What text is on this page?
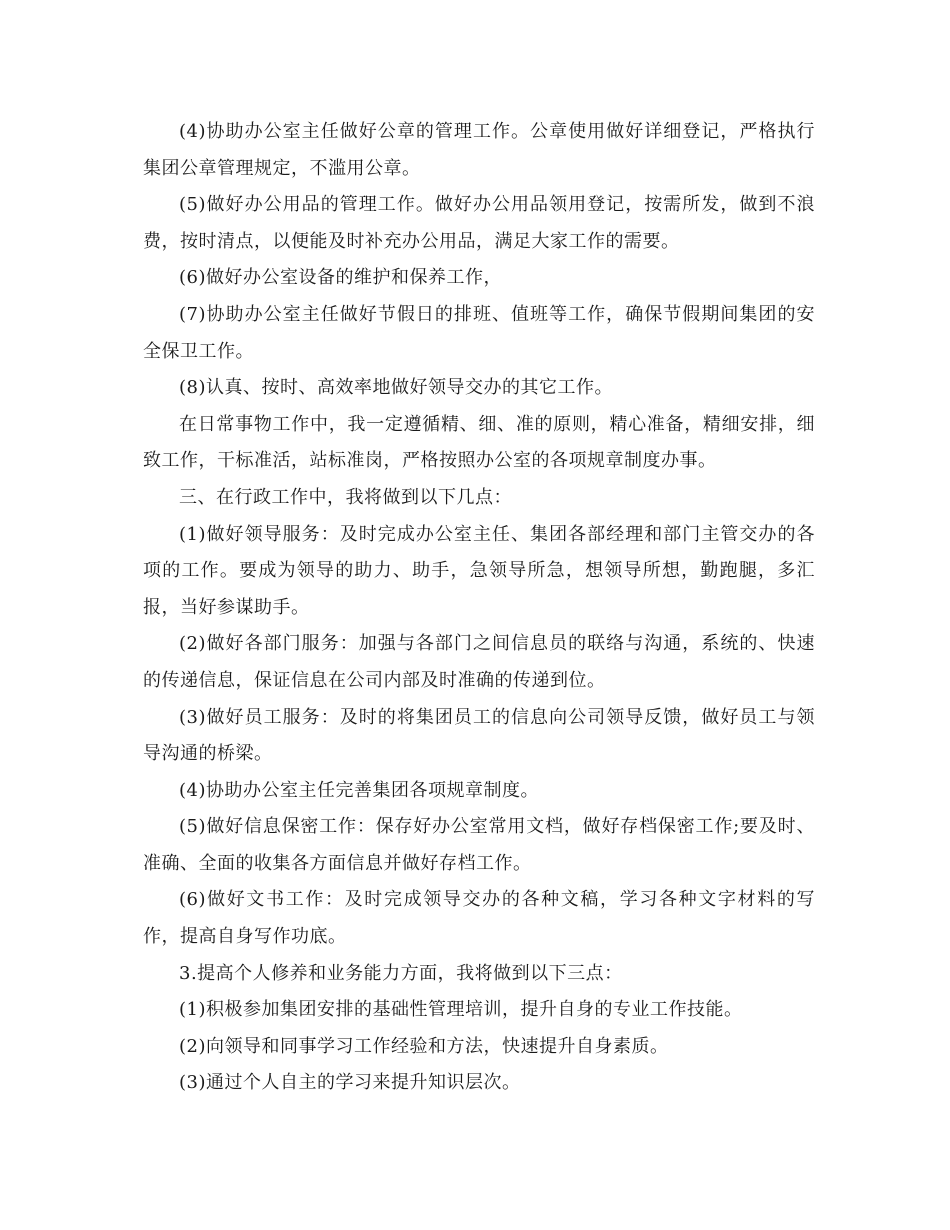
(4)协助办公室主任做好公章的管理工作。公章使用做好详细登记，严格执行集团公章管理规定，不滥用公章。

(5)做好办公用品的管理工作。做好办公用品领用登记，按需所发，做到不浪费，按时清点，以便能及时补充办公用品，满足大家工作的需要。

(6)做好办公室设备的维护和保养工作，

(7)协助办公室主任做好节假日的排班、值班等工作，确保节假期间集团的安全保卫工作。

(8)认真、按时、高效率地做好领导交办的其它工作。

在日常事物工作中，我一定遵循精、细、准的原则，精心准备，精细安排，细致工作，干标准活，站标准岗，严格按照办公室的各项规章制度办事。

三、在行政工作中，我将做到以下几点：

(1)做好领导服务：及时完成办公室主任、集团各部经理和部门主管交办的各项的工作。要成为领导的助力、助手，急领导所急，想领导所想，勤跑腿，多汇报，当好参谋助手。

(2)做好各部门服务：加强与各部门之间信息员的联络与沟通，系统的、快速的传递信息，保证信息在公司内部及时准确的传递到位。

(3)做好员工服务：及时的将集团员工的信息向公司领导反馈，做好员工与领导沟通的桥梁。

(4)协助办公室主任完善集团各项规章制度。

(5)做好信息保密工作：保存好办公室常用文档，做好存档保密工作;要及时、准确、全面的收集各方面信息并做好存档工作。

(6)做好文书工作：及时完成领导交办的各种文稿，学习各种文字材料的写作，提高自身写作功底。

3.提高个人修养和业务能力方面，我将做到以下三点：

(1)积极参加集团安排的基础性管理培训，提升自身的专业工作技能。

(2)向领导和同事学习工作经验和方法，快速提升自身素质。

(3)通过个人自主的学习来提升知识层次。
